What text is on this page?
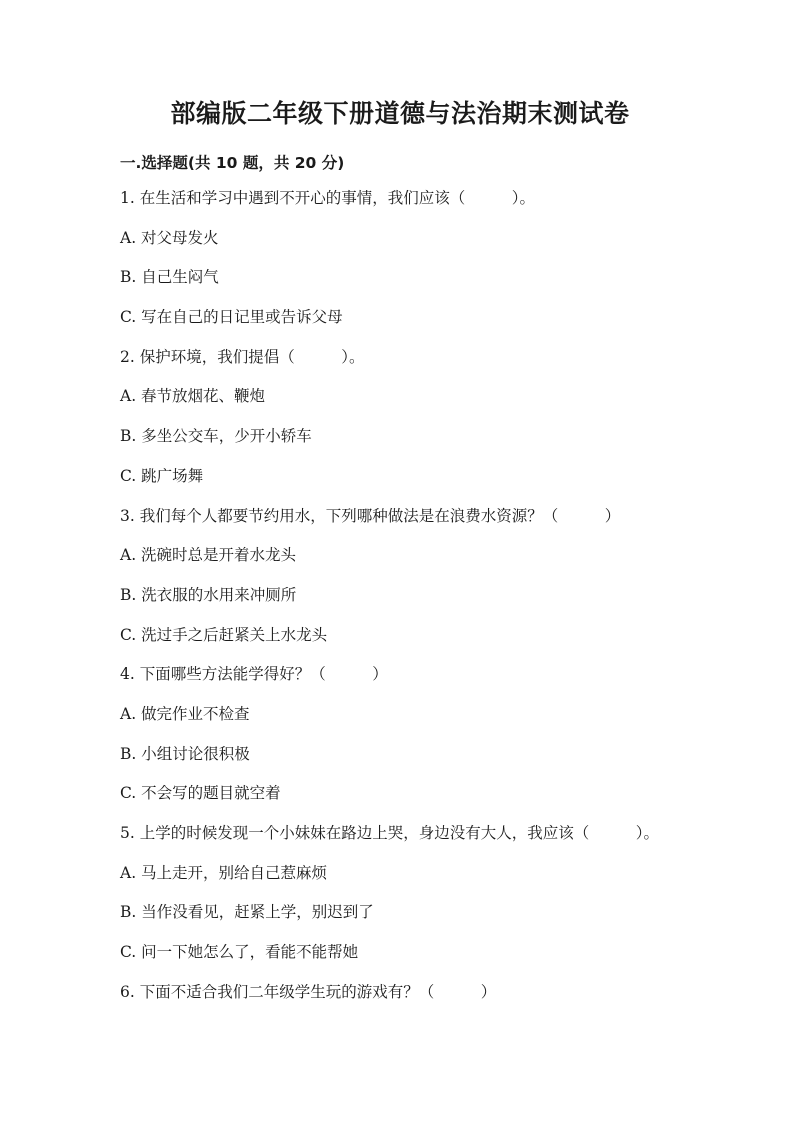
部编版二年级下册道德与法治期末测试卷
一.选择题(共 10 题，共 20 分)
1. 在生活和学习中遇到不开心的事情，我们应该（　　　）。
A. 对父母发火
B. 自己生闷气
C. 写在自己的日记里或告诉父母
2. 保护环境，我们提倡（　　　）。
A. 春节放烟花、鞭炮
B. 多坐公交车，少开小轿车
C. 跳广场舞
3. 我们每个人都要节约用水，下列哪种做法是在浪费水资源？（　　　）
A. 洗碗时总是开着水龙头
B. 洗衣服的水用来冲厕所
C. 洗过手之后赶紧关上水龙头
4. 下面哪些方法能学得好？（　　　）
A. 做完作业不检查
B. 小组讨论很积极
C. 不会写的题目就空着
5. 上学的时候发现一个小妹妹在路边上哭，身边没有大人，我应该（　　　）。
A. 马上走开，别给自己惹麻烦
B. 当作没看见，赶紧上学，别迟到了
C. 问一下她怎么了，看能不能帮她
6. 下面不适合我们二年级学生玩的游戏有？（　　　）
